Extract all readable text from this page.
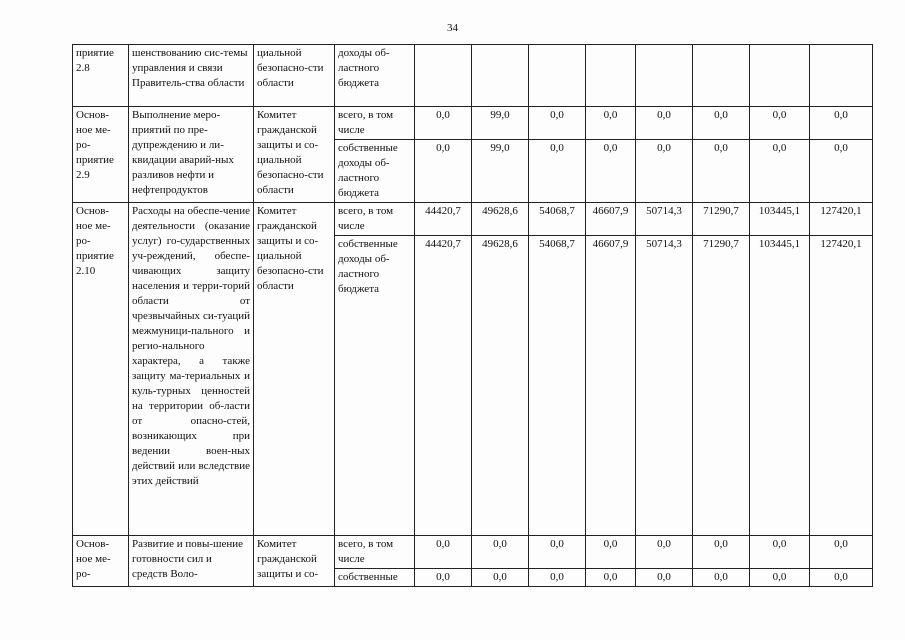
34
приятие 2.8	шенствованию сис-темы управления и связи Правитель-ства области	циальной безопасно-сти области	доходы об-ластного бюджета								
Основ-ное ме-ро-приятие 2.9	Выполнение меро-приятий по пре-дупреждению и ли-квидации аварий-ных разливов нефти и нефтепродуктов	Комитет гражданской защиты и со-циальной безопасно-сти области	всего, в том числе	0,0	99,0	0,0	0,0	0,0	0,0	0,0	0,0
			собственные доходы об-ластного бюджета	0,0	99,0	0,0	0,0	0,0	0,0	0,0	0,0
Основ-ное ме-ро-приятие 2.10	Расходы на обеспе-чение деятельности (оказание услуг) го-сударственных уч-реждений, обеспе-чивающих защиту населения и терри-торий области от чрезвычайных си-туаций межмуници-пального и регио-нального характера, а также защиту ма-териальных и куль-турных ценностей на территории об-ласти от опасно-стей, возникающих при ведении воен-ных действий или вследствие этих действий	Комитет гражданской защиты и со-циальной безопасно-сти области	всего, в том числе	44420,7	49628,6	54068,7	46607,9	50714,3	71290,7	103445,1	127420,1
			собственные доходы об-ластного бюджета	44420,7	49628,6	54068,7	46607,9	50714,3	71290,7	103445,1	127420,1
Основ-ное ме-ро-	Развитие и повы-шение готовности сил и средств Воло-	Комитет гражданской защиты и со-	всего, в том числе	0,0	0,0	0,0	0,0	0,0	0,0	0,0	0,0
			собственные	0,0	0,0	0,0	0,0	0,0	0,0	0,0	0,0
